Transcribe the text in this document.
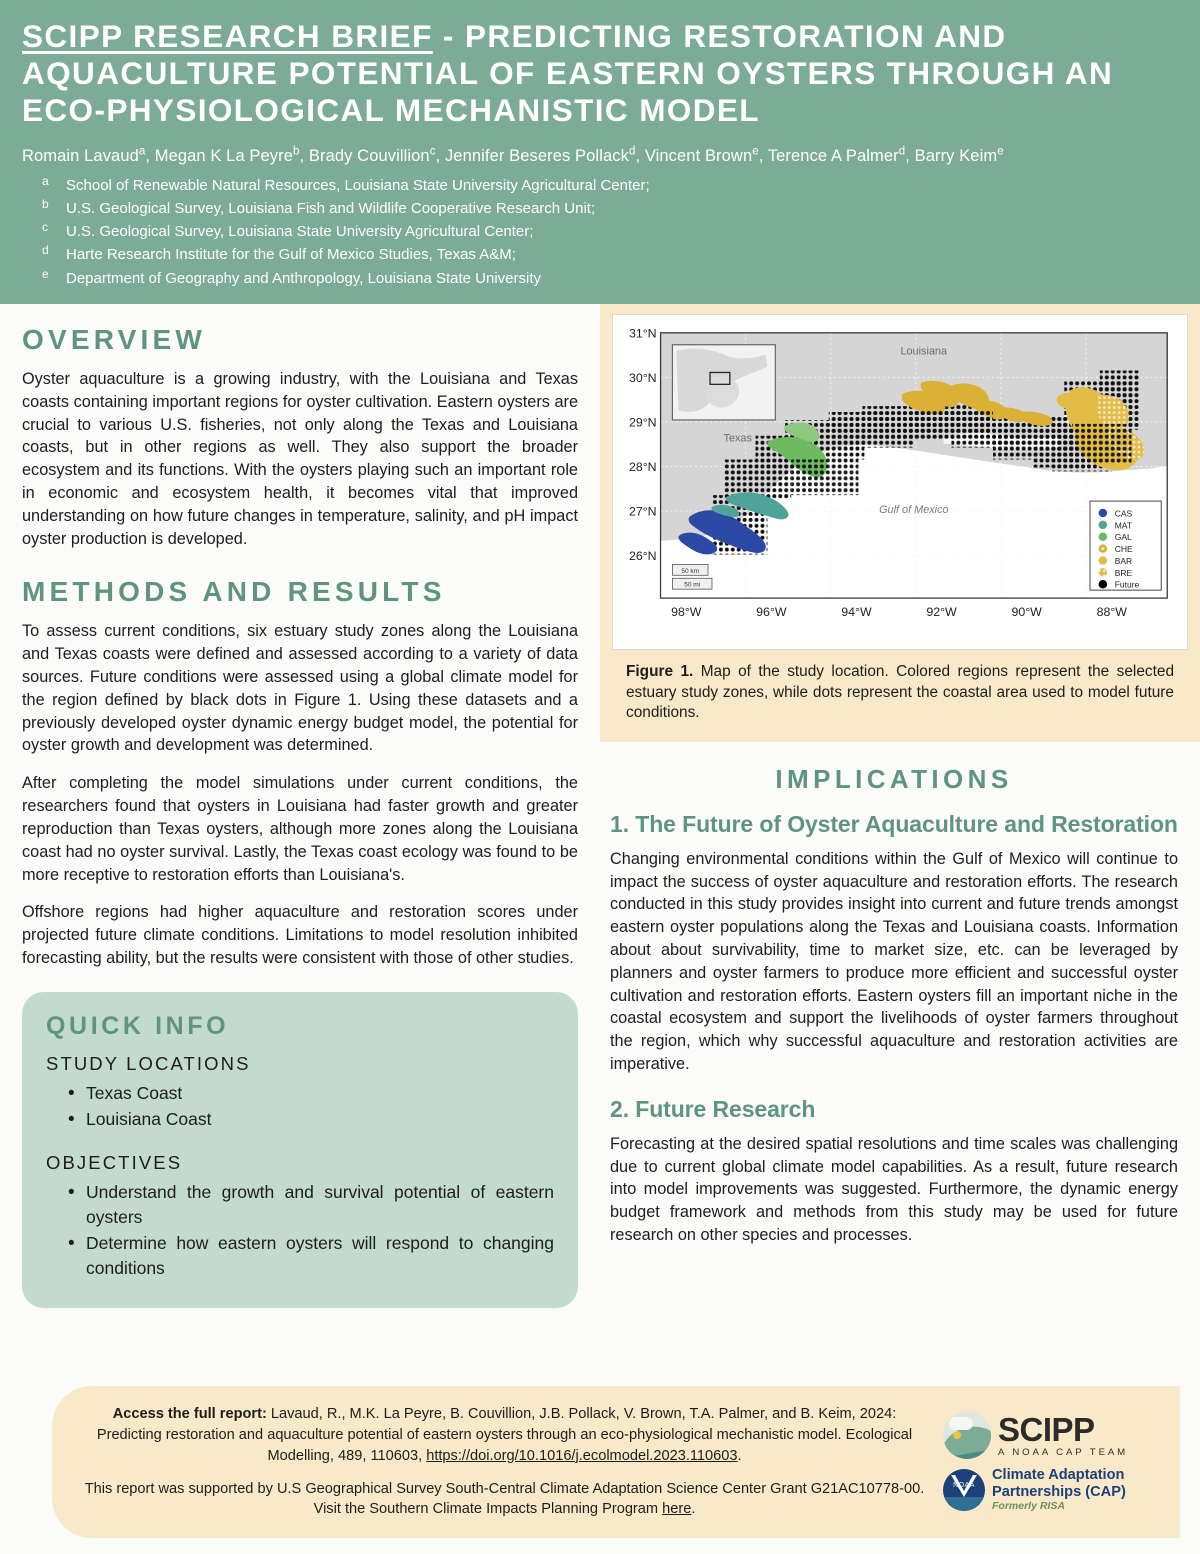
SCIPP RESEARCH BRIEF - PREDICTING RESTORATION AND AQUACULTURE POTENTIAL OF EASTERN OYSTERS THROUGH AN ECO-PHYSIOLOGICAL MECHANISTIC MODEL
Romain Lavaud$^a$, Megan K La Peyre$^b$, Brady Couvillion$^c$, Jennifer Beseres Pollack$^d$, Vincent Brown$^e$, Terence A Palmer$^d$, Barry Keim$^e$
a	School of Renewable Natural Resources, Louisiana State University Agricultural Center;
b	U.S. Geological Survey, Louisiana Fish and Wildlife Cooperative Research Unit;
c	U.S. Geological Survey, Louisiana State University Agricultural Center;
d	Harte Research Institute for the Gulf of Mexico Studies, Texas A&M;
e	Department of Geography and Anthropology, Louisiana State University
OVERVIEW

Oyster aquaculture is a growing industry, with the Louisiana and Texas coasts containing important regions for oyster cultivation. Eastern oysters are crucial to various U.S. fisheries, not only along the Texas and Louisiana coasts, but in other regions as well. They also support the broader ecosystem and its functions. With the oysters playing such an important role in economic and ecosystem health, it becomes vital that improved understanding on how future changes in temperature, salinity, and pH impact oyster production is developed.

METHODS AND RESULTS

To assess current conditions, six estuary study zones along the Louisiana and Texas coasts were defined and assessed according to a variety of data sources. Future conditions were assessed using a global climate model for the region defined by black dots in Figure 1. Using these datasets and a previously developed oyster dynamic energy budget model, the potential for oyster growth and development was determined.

After completing the model simulations under current conditions, the researchers found that oysters in Louisiana had faster growth and greater reproduction than Texas oysters, although more zones along the Louisiana coast had no oyster survival. Lastly, the Texas coast ecology was found to be more receptive to restoration efforts than Louisiana's.

Offshore regions had higher aquaculture and restoration scores under projected future climate conditions. Limitations to model resolution inhibited forecasting ability, but the results were consistent with those of other studies.

QUICK INFO
STUDY LOCATIONS
• Texas Coast
• Louisiana Coast
OBJECTIVES
• Understand the growth and survival potential of eastern oysters
• Determine how eastern oysters will respond to changing conditions
Louisiana
Texas
Gulf of Mexico
50 km
50 mi
CAS
MAT
GAL
CHE
BAR
BRE
Future
31°N
30°N
29°N
28°N
27°N
26°N
98°W	96°W	94°W	92°W	90°W	88°W
Figure 1. Map of the study location. Colored regions represent the selected estuary study zones, while dots represent the coastal area used to model future conditions.
IMPLICATIONS
1. The Future of Oyster Aquaculture and Restoration

Changing environmental conditions within the Gulf of Mexico will continue to impact the success of oyster aquaculture and restoration efforts. The research conducted in this study provides insight into current and future trends amongst eastern oyster populations along the Texas and Louisiana coasts. Information about about survivability, time to market size, etc. can be leveraged by planners and oyster farmers to produce more efficient and successful oyster cultivation and restoration efforts. Eastern oysters fill an important niche in the coastal ecosystem and support the livelihoods of oyster farmers throughout the region, which why successful aquaculture and restoration activities are imperative.

2. Future Research

Forecasting at the desired spatial resolutions and time scales was challenging due to current global climate model capabilities. As a result, future research into model improvements was suggested. Furthermore, the dynamic energy budget framework and methods from this study may be used for future research on other species and processes.

Access the full report: Lavaud, R., M.K. La Peyre, B. Couvillion, J.B. Pollack, V. Brown, T.A. Palmer, and B. Keim, 2024: Predicting restoration and aquaculture potential of eastern oysters through an eco-physiological mechanistic model. Ecological Modelling, 489, 110603, https://doi.org/10.1016/j.ecolmodel.2023.110603.

This report was supported by U.S Geographical Survey South-Central Climate Adaptation Science Center Grant G21AC10778-00. Visit the Southern Climate Impacts Planning Program here.

SCIPP
A NOAA CAP TEAM
NOAA
Climate Adaptation
Partnerships (CAP)
Formerly RISA
